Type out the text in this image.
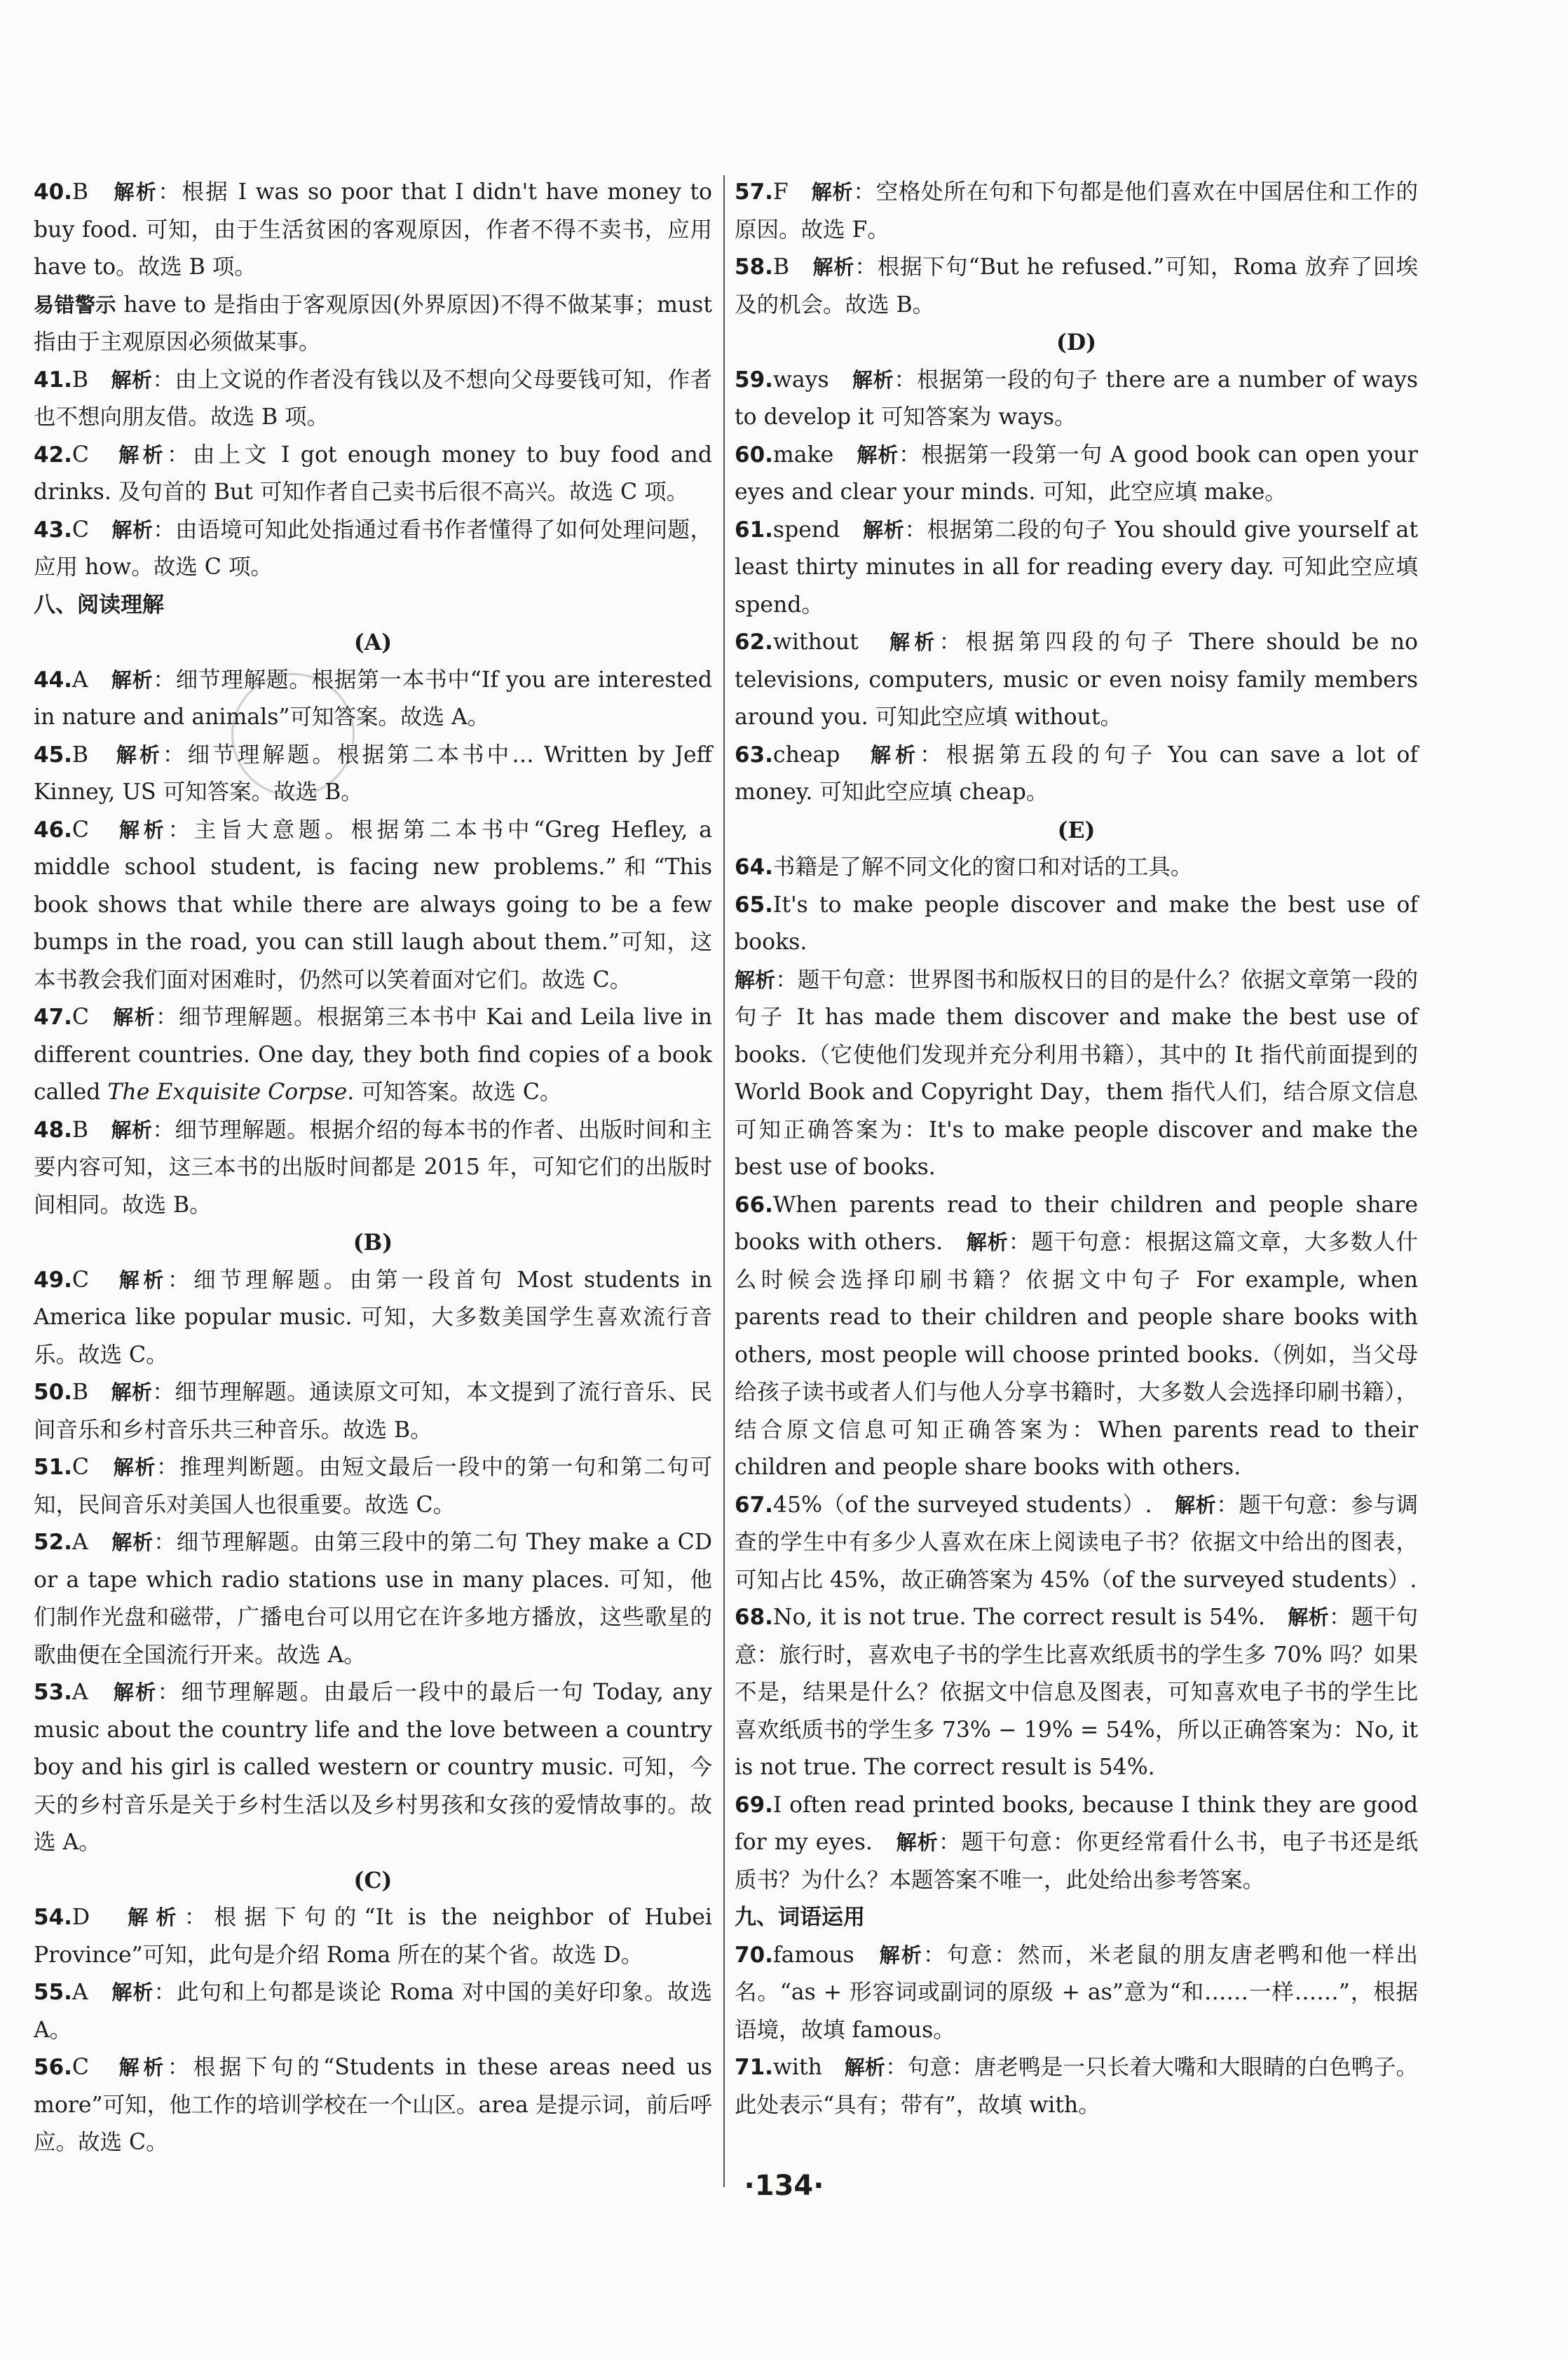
40.B　解析：根据 I was so poor that I didn't have money to buy food. 可知，由于生活贫困的客观原因，作者不得不卖书，应用 have to。故选 B 项。

易错警示 have to 是指由于客观原因(外界原因)不得不做某事；must 指由于主观原因必须做某事。

41.B　解析：由上文说的作者没有钱以及不想向父母要钱可知，作者也不想向朋友借。故选 B 项。

42.C　解析：由上文 I got enough money to buy food and drinks. 及句首的 But 可知作者自己卖书后很不高兴。故选 C 项。

43.C　解析：由语境可知此处指通过看书作者懂得了如何处理问题，应用 how。故选 C 项。

八、阅读理解
(A)

44.A　解析：细节理解题。根据第一本书中“If you are interested in nature and animals”可知答案。故选 A。

45.B　解析：细节理解题。根据第二本书中… Written by Jeff Kinney, US 可知答案。故选 B。

46.C　解析：主旨大意题。根据第二本书中“Greg Hefley, a middle school student, is facing new problems.”和“This book shows that while there are always going to be a few bumps in the road, you can still laugh about them.”可知，这本书教会我们面对困难时，仍然可以笑着面对它们。故选 C。

47.C　解析：细节理解题。根据第三本书中 Kai and Leila live in different countries. One day, they both find copies of a book called The Exquisite Corpse. 可知答案。故选 C。

48.B　解析：细节理解题。根据介绍的每本书的作者、出版时间和主要内容可知，这三本书的出版时间都是 2015 年，可知它们的出版时间相同。故选 B。

(B)

49.C　解析：细节理解题。由第一段首句 Most students in America like popular music. 可知，大多数美国学生喜欢流行音乐。故选 C。

50.B　解析：细节理解题。通读原文可知，本文提到了流行音乐、民间音乐和乡村音乐共三种音乐。故选 B。

51.C　解析：推理判断题。由短文最后一段中的第一句和第二句可知，民间音乐对美国人也很重要。故选 C。

52.A　解析：细节理解题。由第三段中的第二句 They make a CD or a tape which radio stations use in many places. 可知，他们制作光盘和磁带，广播电台可以用它在许多地方播放，这些歌星的歌曲便在全国流行开来。故选 A。

53.A　解析：细节理解题。由最后一段中的最后一句 Today, any music about the country life and the love between a country boy and his girl is called western or country music. 可知，今天的乡村音乐是关于乡村生活以及乡村男孩和女孩的爱情故事的。故选 A。

(C)

54.D　解析：根据下句的“It is the neighbor of Hubei Province”可知，此句是介绍 Roma 所在的某个省。故选 D。

55.A　解析：此句和上句都是谈论 Roma 对中国的美好印象。故选 A。

56.C　解析：根据下句的“Students in these areas need us more”可知，他工作的培训学校在一个山区。area 是提示词，前后呼应。故选 C。

57.F　解析：空格处所在句和下句都是他们喜欢在中国居住和工作的原因。故选 F。

58.B　解析：根据下句“But he refused.”可知，Roma 放弃了回埃及的机会。故选 B。

(D)

59.ways　解析：根据第一段的句子 there are a number of ways to develop it 可知答案为 ways。

60.make　解析：根据第一段第一句 A good book can open your eyes and clear your minds. 可知，此空应填 make。

61.spend　解析：根据第二段的句子 You should give yourself at least thirty minutes in all for reading every day. 可知此空应填 spend。

62.without　解析：根据第四段的句子 There should be no televisions, computers, music or even noisy family members around you. 可知此空应填 without。

63.cheap　解析：根据第五段的句子 You can save a lot of money. 可知此空应填 cheap。

(E)

64.书籍是了解不同文化的窗口和对话的工具。

65.It's to make people discover and make the best use of books.

解析：题干句意：世界图书和版权日的目的是什么？依据文章第一段的句子 It has made them discover and make the best use of books.（它使他们发现并充分利用书籍），其中的 It 指代前面提到的 World Book and Copyright Day，them 指代人们，结合原文信息可知正确答案为：It's to make people discover and make the best use of books.

66.When parents read to their children and people share books with others.　解析：题干句意：根据这篇文章，大多数人什么时候会选择印刷书籍？依据文中句子 For example, when parents read to their children and people share books with others, most people will choose printed books.（例如，当父母给孩子读书或者人们与他人分享书籍时，大多数人会选择印刷书籍），结合原文信息可知正确答案为：When parents read to their children and people share books with others.

67.45%（of the surveyed students）.　解析：题干句意：参与调查的学生中有多少人喜欢在床上阅读电子书？依据文中给出的图表，可知占比 45%，故正确答案为 45%（of the surveyed students）.

68.No, it is not true. The correct result is 54%.　解析：题干句意：旅行时，喜欢电子书的学生比喜欢纸质书的学生多 70% 吗？如果不是，结果是什么？依据文中信息及图表，可知喜欢电子书的学生比喜欢纸质书的学生多 73% − 19% = 54%，所以正确答案为：No, it is not true. The correct result is 54%.

69.I often read printed books, because I think they are good for my eyes.　解析：题干句意：你更经常看什么书，电子书还是纸质书？为什么？本题答案不唯一，此处给出参考答案。

九、词语运用

70.famous　解析：句意：然而，米老鼠的朋友唐老鸭和他一样出名。“as + 形容词或副词的原级 + as”意为“和……一样……”，根据语境，故填 famous。

71.with　解析：句意：唐老鸭是一只长着大嘴和大眼睛的白色鸭子。此处表示“具有；带有”，故填 with。

·134·
